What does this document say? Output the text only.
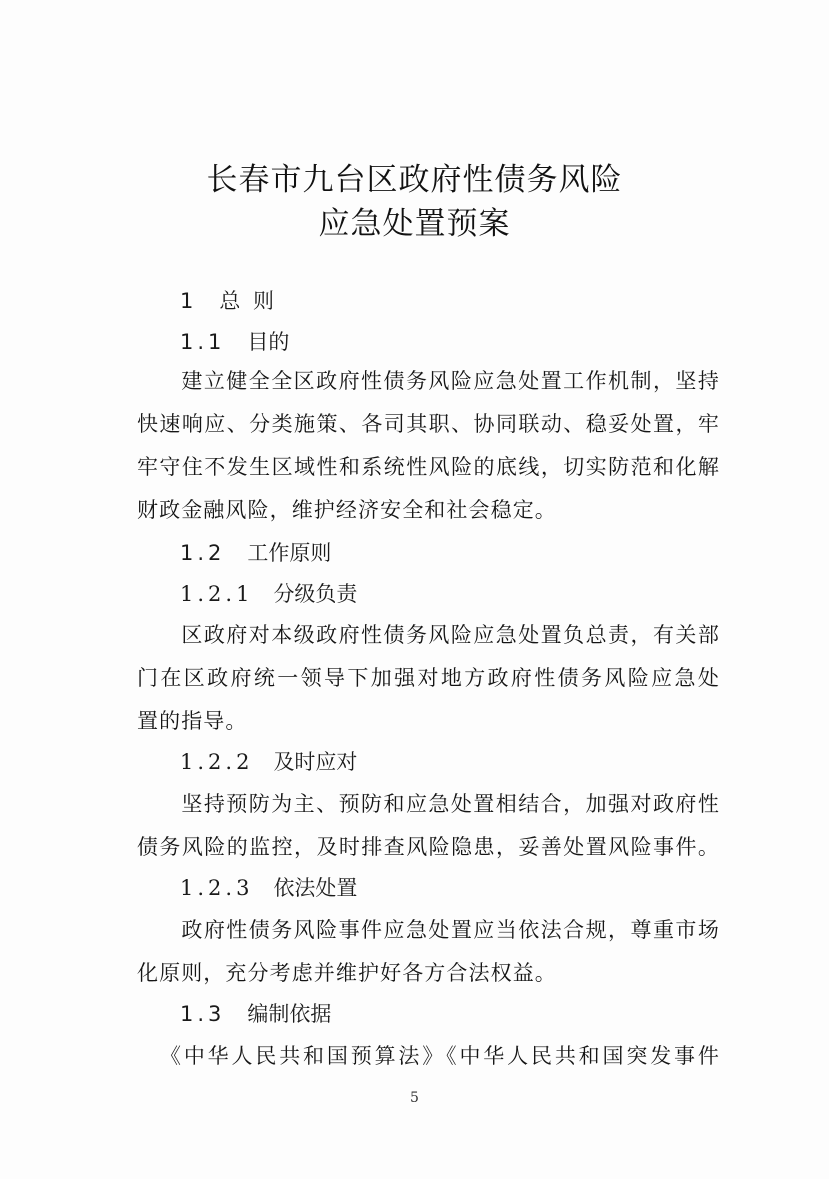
长春市九台区政府性债务风险
应急处置预案
1 总 则
1.1 目的
建立健全全区政府性债务风险应急处置工作机制，坚持
快速响应、分类施策、各司其职、协同联动、稳妥处置，牢
牢守住不发生区域性和系统性风险的底线，切实防范和化解
财政金融风险，维护经济安全和社会稳定。
1.2 工作原则
1.2.1 分级负责
区政府对本级政府性债务风险应急处置负总责，有关部
门在区政府统一领导下加强对地方政府性债务风险应急处
置的指导。
1.2.2 及时应对
坚持预防为主、预防和应急处置相结合，加强对政府性
债务风险的监控，及时排查风险隐患，妥善处置风险事件。
1.2.3 依法处置
政府性债务风险事件应急处置应当依法合规，尊重市场
化原则，充分考虑并维护好各方合法权益。
1.3 编制依据
《中华人民共和国预算法》《中华人民共和国突发事件
5
